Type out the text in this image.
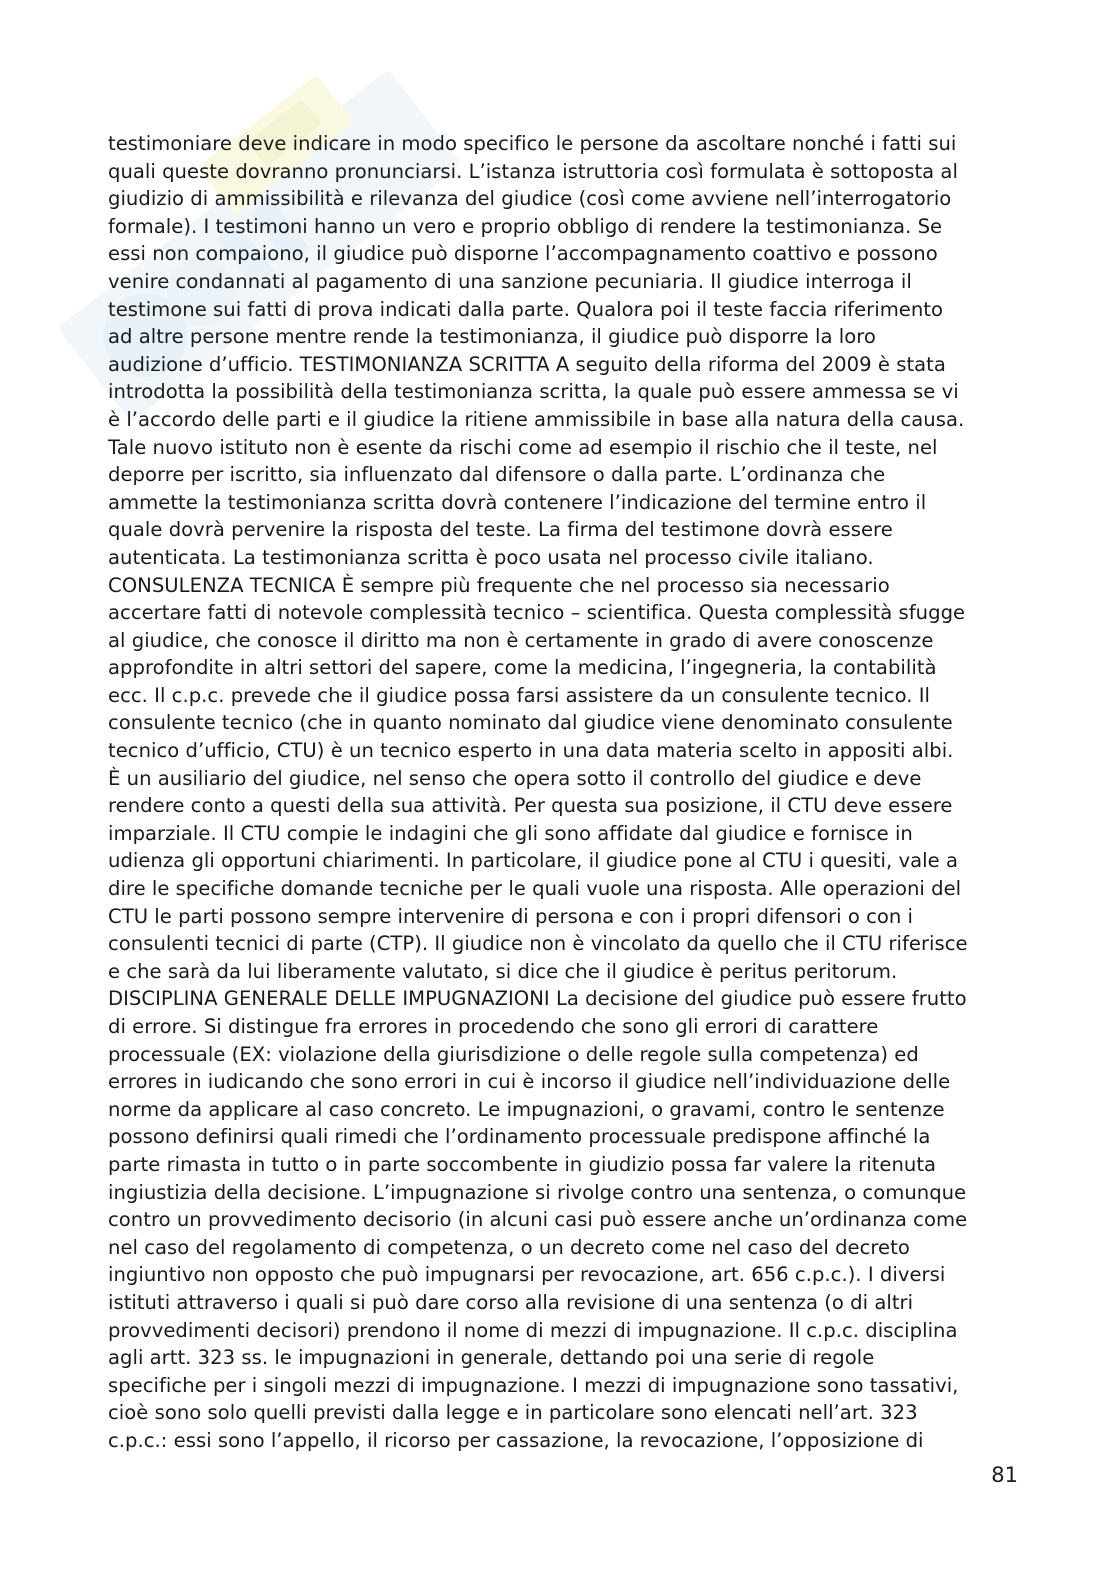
testimoniare deve indicare in modo specifico le persone da ascoltare nonché i fatti sui
quali queste dovranno pronunciarsi. L’istanza istruttoria così formulata è sottoposta al
giudizio di ammissibilità e rilevanza del giudice (così come avviene nell’interrogatorio
formale). I testimoni hanno un vero e proprio obbligo di rendere la testimonianza. Se
essi non compaiono, il giudice può disporne l’accompagnamento coattivo e possono
venire condannati al pagamento di una sanzione pecuniaria. Il giudice interroga il
testimone sui fatti di prova indicati dalla parte. Qualora poi il teste faccia riferimento
ad altre persone mentre rende la testimonianza, il giudice può disporre la loro
audizione d’ufficio. TESTIMONIANZA SCRITTA A seguito della riforma del 2009 è stata
introdotta la possibilità della testimonianza scritta, la quale può essere ammessa se vi
è l’accordo delle parti e il giudice la ritiene ammissibile in base alla natura della causa.
Tale nuovo istituto non è esente da rischi come ad esempio il rischio che il teste, nel
deporre per iscritto, sia influenzato dal difensore o dalla parte. L’ordinanza che
ammette la testimonianza scritta dovrà contenere l’indicazione del termine entro il
quale dovrà pervenire la risposta del teste. La firma del testimone dovrà essere
autenticata. La testimonianza scritta è poco usata nel processo civile italiano.
CONSULENZA TECNICA È sempre più frequente che nel processo sia necessario
accertare fatti di notevole complessità tecnico – scientifica. Questa complessità sfugge
al giudice, che conosce il diritto ma non è certamente in grado di avere conoscenze
approfondite in altri settori del sapere, come la medicina, l’ingegneria, la contabilità
ecc. Il c.p.c. prevede che il giudice possa farsi assistere da un consulente tecnico. Il
consulente tecnico (che in quanto nominato dal giudice viene denominato consulente
tecnico d’ufficio, CTU) è un tecnico esperto in una data materia scelto in appositi albi.
È un ausiliario del giudice, nel senso che opera sotto il controllo del giudice e deve
rendere conto a questi della sua attività. Per questa sua posizione, il CTU deve essere
imparziale. Il CTU compie le indagini che gli sono affidate dal giudice e fornisce in
udienza gli opportuni chiarimenti. In particolare, il giudice pone al CTU i quesiti, vale a
dire le specifiche domande tecniche per le quali vuole una risposta. Alle operazioni del
CTU le parti possono sempre intervenire di persona e con i propri difensori o con i
consulenti tecnici di parte (CTP). Il giudice non è vincolato da quello che il CTU riferisce
e che sarà da lui liberamente valutato, si dice che il giudice è peritus peritorum.
DISCIPLINA GENERALE DELLE IMPUGNAZIONI La decisione del giudice può essere frutto
di errore. Si distingue fra errores in procedendo che sono gli errori di carattere
processuale (EX: violazione della giurisdizione o delle regole sulla competenza) ed
errores in iudicando che sono errori in cui è incorso il giudice nell’individuazione delle
norme da applicare al caso concreto. Le impugnazioni, o gravami, contro le sentenze
possono definirsi quali rimedi che l’ordinamento processuale predispone affinché la
parte rimasta in tutto o in parte soccombente in giudizio possa far valere la ritenuta
ingiustizia della decisione. L’impugnazione si rivolge contro una sentenza, o comunque
contro un provvedimento decisorio (in alcuni casi può essere anche un’ordinanza come
nel caso del regolamento di competenza, o un decreto come nel caso del decreto
ingiuntivo non opposto che può impugnarsi per revocazione, art. 656 c.p.c.). I diversi
istituti attraverso i quali si può dare corso alla revisione di una sentenza (o di altri
provvedimenti decisori) prendono il nome di mezzi di impugnazione. Il c.p.c. disciplina
agli artt. 323 ss. le impugnazioni in generale, dettando poi una serie di regole
specifiche per i singoli mezzi di impugnazione. I mezzi di impugnazione sono tassativi,
cioè sono solo quelli previsti dalla legge e in particolare sono elencati nell’art. 323
c.p.c.: essi sono l’appello, il ricorso per cassazione, la revocazione, l’opposizione di
81
